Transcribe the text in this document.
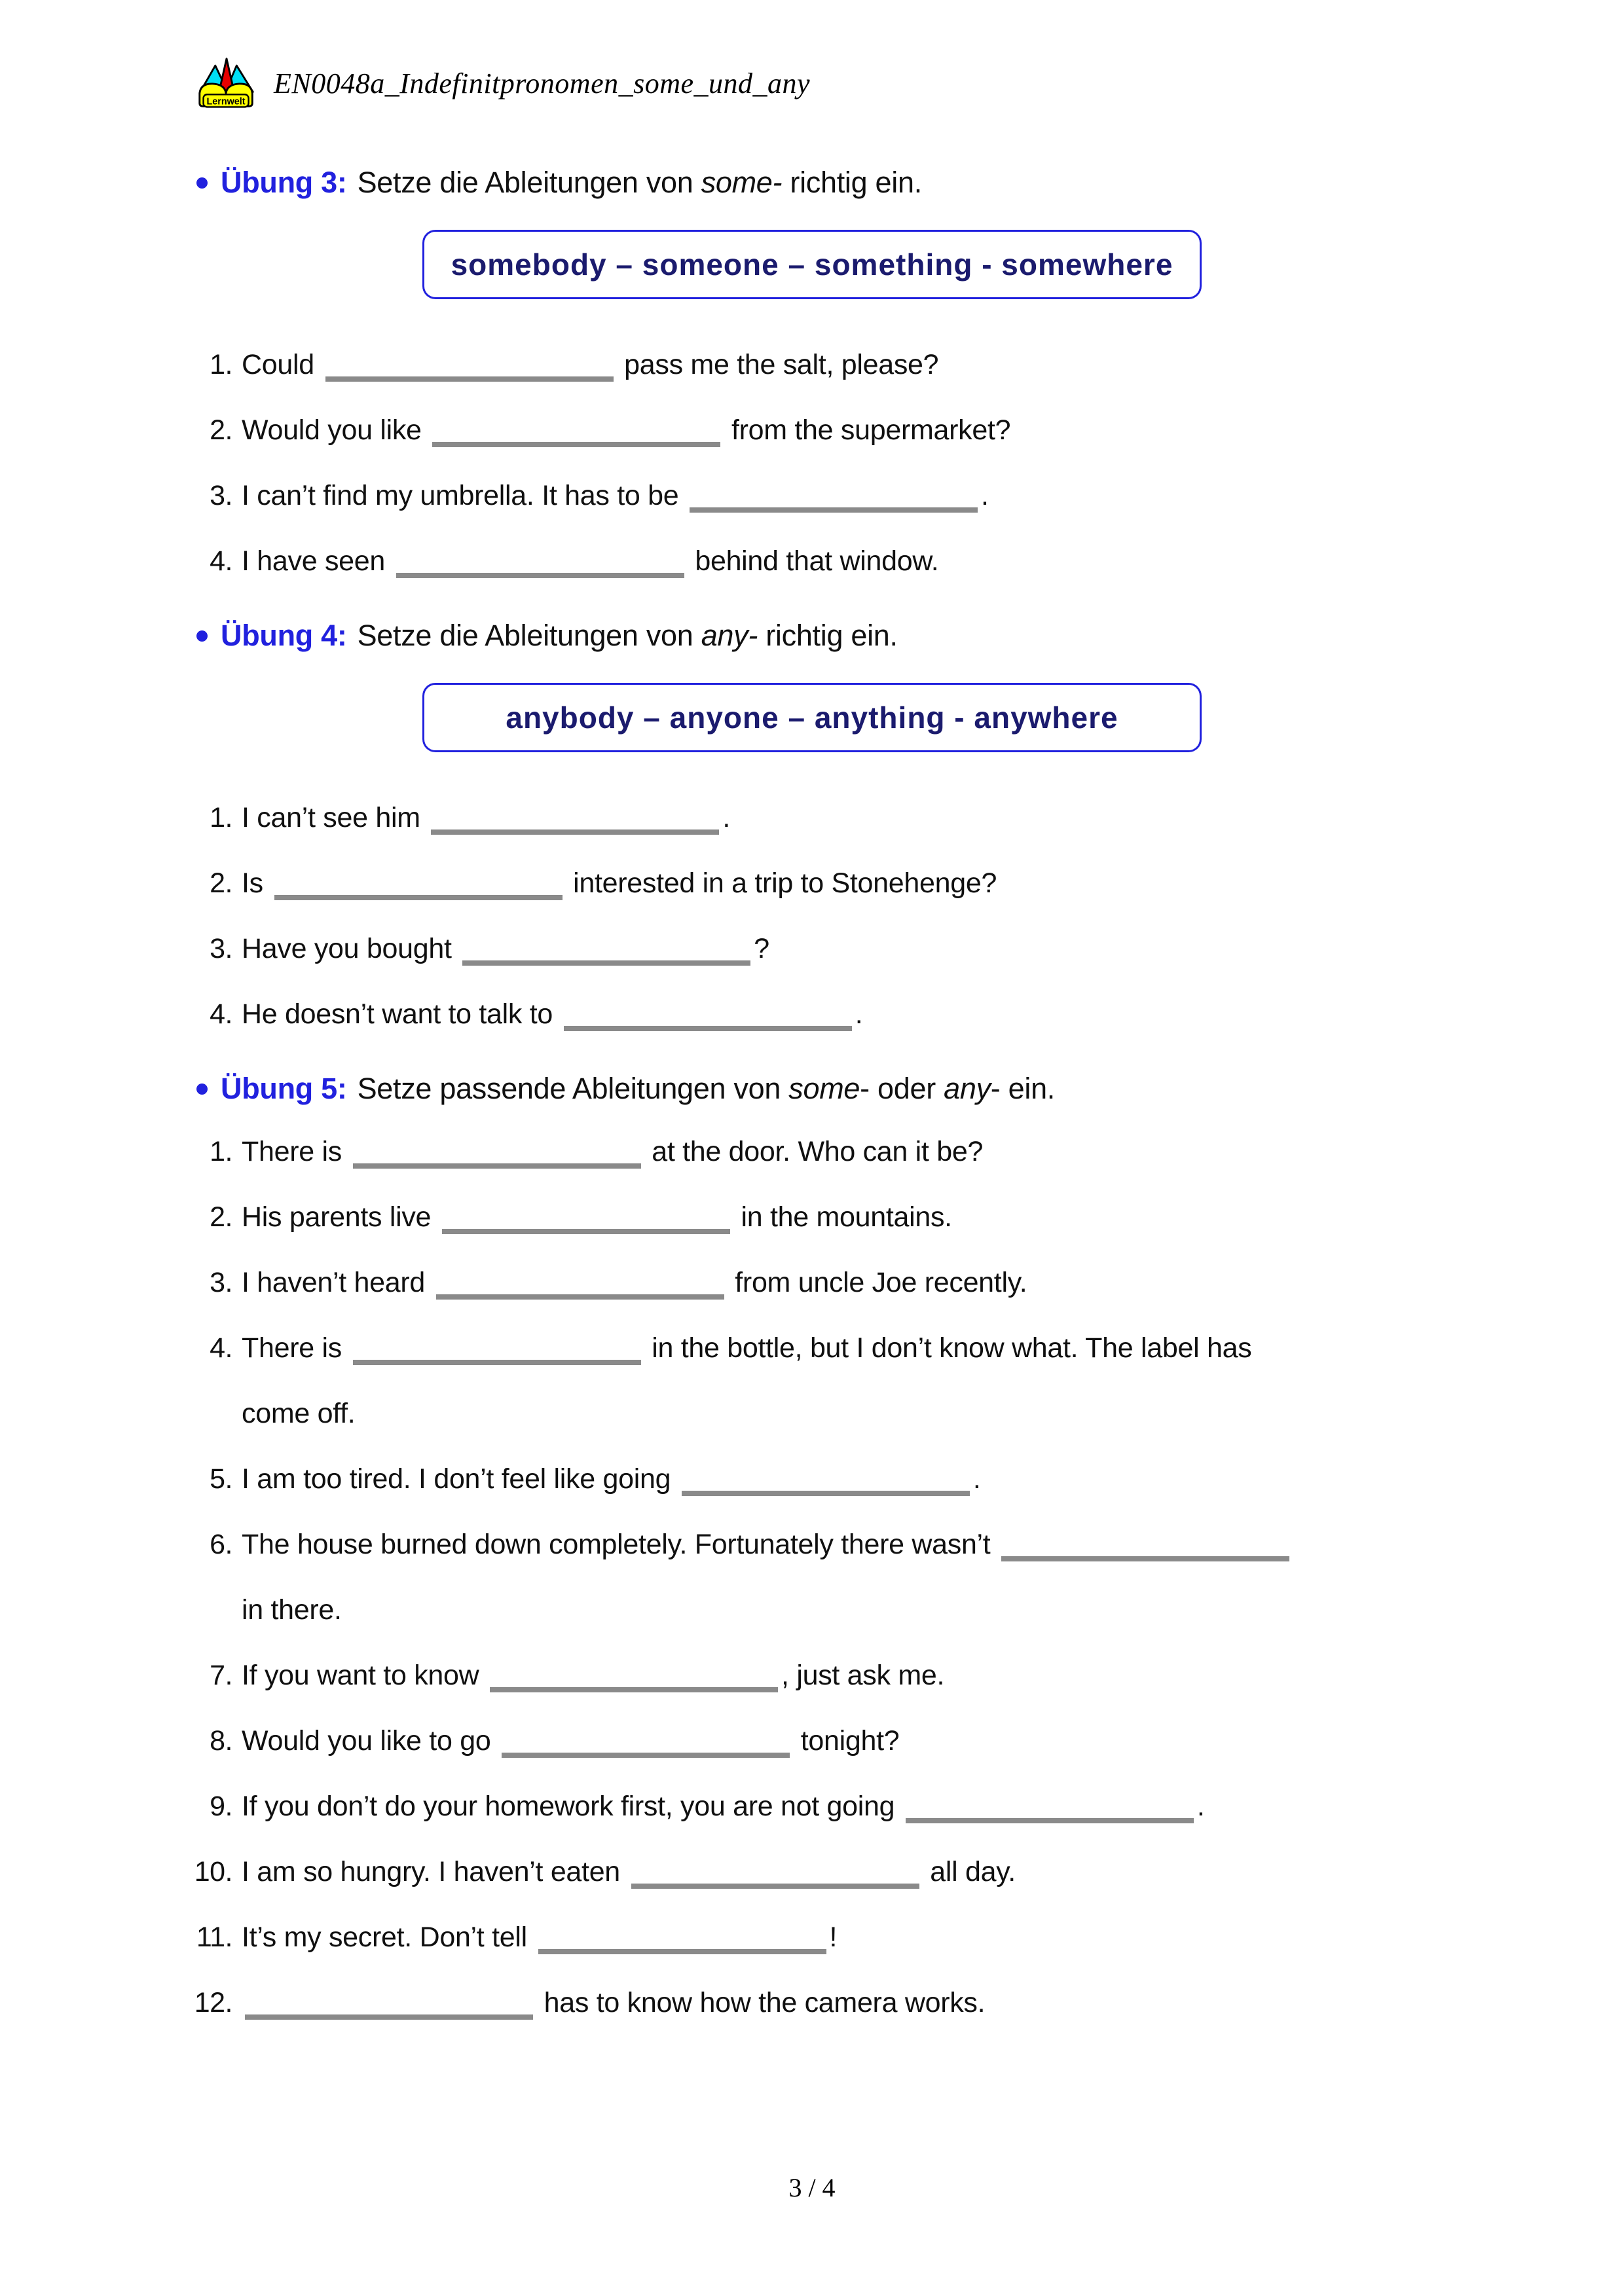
Lernwelt
EN0048a_Indefinitpronomen_some_und_any
Übung 3: Setze die Ableitungen von some- richtig ein.
somebody – someone – something - somewhere
1. Could	pass me the salt, please?
2. Would you like	from the supermarket?
3. I can’t find my umbrella. It has to be	.
4. I have seen	behind that window.
Übung 4: Setze die Ableitungen von any- richtig ein.
anybody – anyone – anything - anywhere
1. I can’t see him	.
2. Is	interested in a trip to Stonehenge?
3. Have you bought	?
4. He doesn’t want to talk to	.
Übung 5: Setze passende Ableitungen von some- oder any- ein.
1. There is	at the door. Who can it be?
2. His parents live	in the mountains.
3. I haven’t heard	from uncle Joe recently.
4. There is	in the bottle, but I don’t know what. The label has
come off.
5. I am too tired. I don’t feel like going	.
6. The house burned down completely. Fortunately there wasn’t
in there.
7. If you want to know	, just ask me.
8. Would you like to go	tonight?
9. If you don’t do your homework first, you are not going	.
10. I am so hungry. I haven’t eaten	all day.
11. It’s my secret. Don’t tell	!
12.	has to know how the camera works.
3 / 4
